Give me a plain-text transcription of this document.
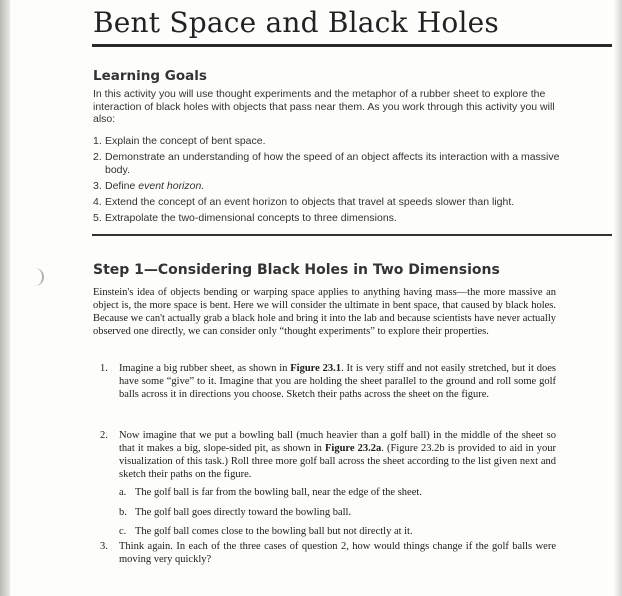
Bent Space and Black Holes
Learning Goals
In this activity you will use thought experiments and the metaphor of a rubber sheet to explore the interaction of black holes with objects that pass near them. As you work through this activity you will also:
1. Explain the concept of bent space.
2. Demonstrate an understanding of how the speed of an object affects its interaction with a massive body.
3. Define event horizon.
4. Extend the concept of an event horizon to objects that travel at speeds slower than light.
5. Extrapolate the two-dimensional concepts to three dimensions.
Step 1—Considering Black Holes in Two Dimensions
Einstein's idea of objects bending or warping space applies to anything having mass—the more massive an object is, the more space is bent. Here we will consider the ultimate in bent space, that caused by black holes. Because we can't actually grab a black hole and bring it into the lab and because scientists have never actually observed one directly, we can consider only “thought experiments” to explore their properties.
1.	Imagine a big rubber sheet, as shown in Figure 23.1. It is very stiff and not easily stretched, but it does have some “give” to it. Imagine that you are holding the sheet parallel to the ground and roll some golf balls across it in directions you choose. Sketch their paths across the sheet on the figure.
2.	Now imagine that we put a bowling ball (much heavier than a golf ball) in the middle of the sheet so that it makes a big, slope-sided pit, as shown in Figure 23.2a. (Figure 23.2b is provided to aid in your visualization of this task.) Roll three more golf ball across the sheet according to the list given next and sketch their paths on the figure.
a. The golf ball is far from the bowling ball, near the edge of the sheet.
b. The golf ball goes directly toward the bowling ball.
c. The golf ball comes close to the bowling ball but not directly at it.
3.	Think again. In each of the three cases of question 2, how would things change if the golf balls were moving very quickly?
